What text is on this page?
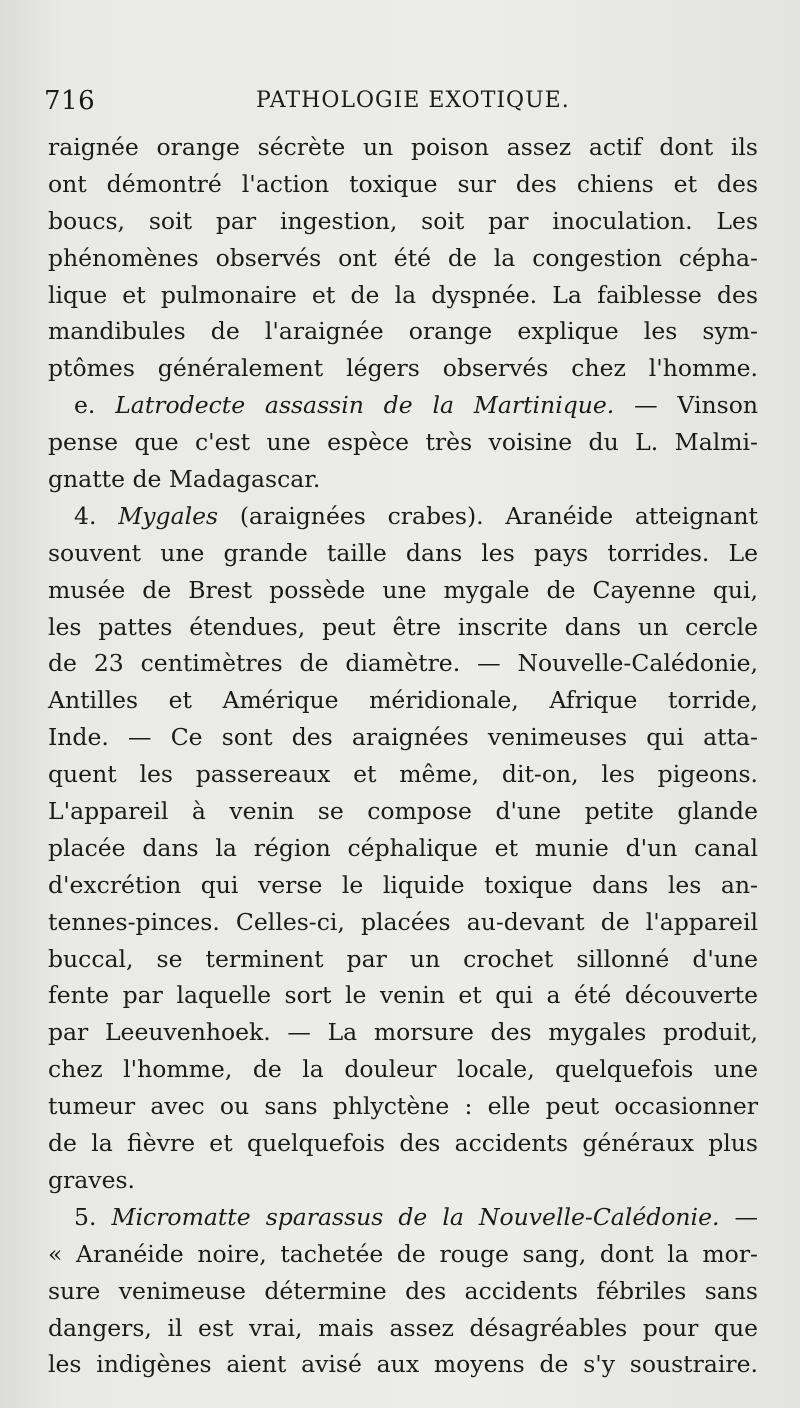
716	PATHOLOGIE EXOTIQUE.
raignée orange sécrète un poison assez actif dont ils
ont démontré l'action toxique sur des chiens et des
boucs, soit par ingestion, soit par inoculation. Les
phénomènes observés ont été de la congestion cépha-
lique et pulmonaire et de la dyspnée. La faiblesse des
mandibules de l'araignée orange explique les sym-
ptômes généralement légers observés chez l'homme.
e. Latrodecte assassin de la Martinique. — Vinson
pense que c'est une espèce très voisine du L. Malmi-
gnatte de Madagascar.
4. Mygales (araignées crabes). Aranéide atteignant
souvent une grande taille dans les pays torrides. Le
musée de Brest possède une mygale de Cayenne qui,
les pattes étendues, peut être inscrite dans un cercle
de 23 centimètres de diamètre. — Nouvelle-Calédonie,
Antilles et Amérique méridionale, Afrique torride,
Inde. — Ce sont des araignées venimeuses qui atta-
quent les passereaux et même, dit-on, les pigeons.
L'appareil à venin se compose d'une petite glande
placée dans la région céphalique et munie d'un canal
d'excrétion qui verse le liquide toxique dans les an-
tennes-pinces. Celles-ci, placées au-devant de l'appareil
buccal, se terminent par un crochet sillonné d'une
fente par laquelle sort le venin et qui a été découverte
par Leeuvenhoek. — La morsure des mygales produit,
chez l'homme, de la douleur locale, quelquefois une
tumeur avec ou sans phlyctène : elle peut occasionner
de la fièvre et quelquefois des accidents généraux plus
graves.
5. Micromatte sparassus de la Nouvelle-Calédonie. —
« Aranéide noire, tachetée de rouge sang, dont la mor-
sure venimeuse détermine des accidents fébriles sans
dangers, il est vrai, mais assez désagréables pour que
les indigènes aient avisé aux moyens de s'y soustraire.
